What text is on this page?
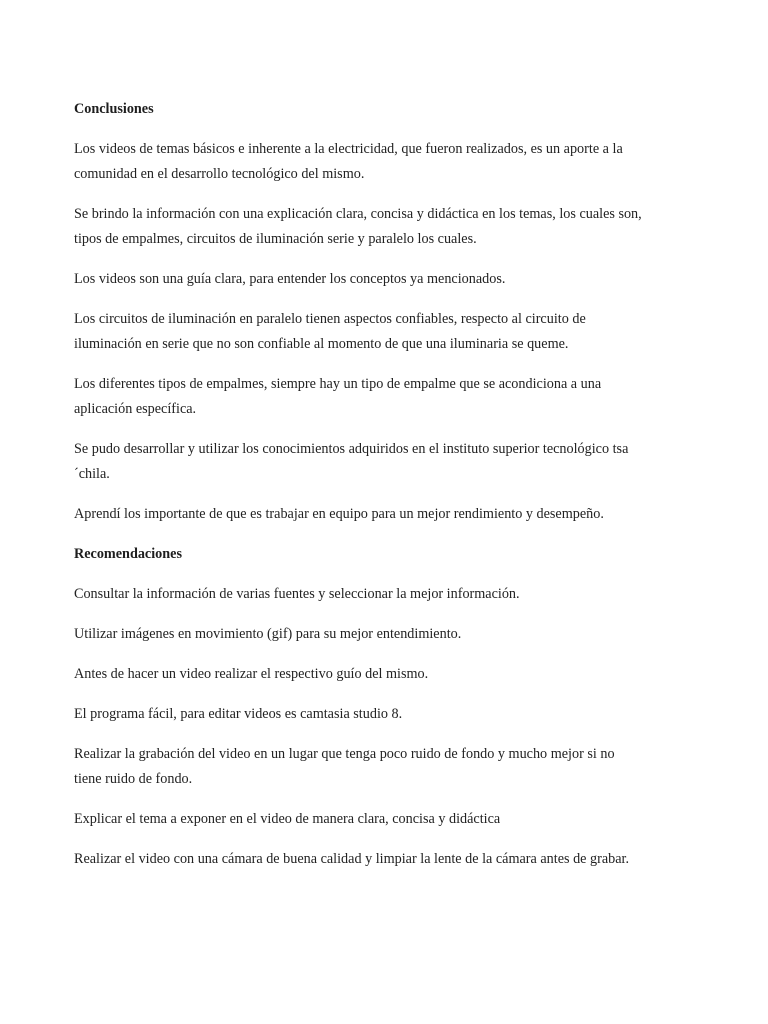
Conclusiones

Los videos de temas básicos e inherente a la electricidad, que fueron realizados, es un aporte a la
comunidad en el desarrollo tecnológico del mismo.

Se brindo la información con una explicación clara, concisa y didáctica en los temas, los cuales son,
tipos de empalmes, circuitos de iluminación serie y paralelo los cuales.

Los videos son una guía clara, para entender los conceptos ya mencionados.

Los circuitos de iluminación en paralelo tienen aspectos confiables, respecto al circuito de
iluminación en serie que no son confiable al momento de que una iluminaria se queme.

Los diferentes tipos de empalmes, siempre hay un tipo de empalme que se acondiciona a una
aplicación específica.

Se pudo desarrollar y utilizar los conocimientos adquiridos en el instituto superior tecnológico tsa
´chila.

Aprendí los importante de que es trabajar en equipo para un mejor rendimiento y desempeño.

Recomendaciones

Consultar la información de varias fuentes y seleccionar la mejor información.

Utilizar imágenes en movimiento (gif) para su mejor entendimiento.

Antes de hacer un video realizar el respectivo guío del mismo.

El programa fácil, para editar videos es camtasia studio 8.

Realizar la grabación del video en un lugar que tenga poco ruido de fondo y mucho mejor si no
tiene ruido de fondo.

Explicar el tema a exponer en el video de manera clara, concisa y didáctica

Realizar el video con una cámara de buena calidad y limpiar la lente de la cámara antes de grabar.
